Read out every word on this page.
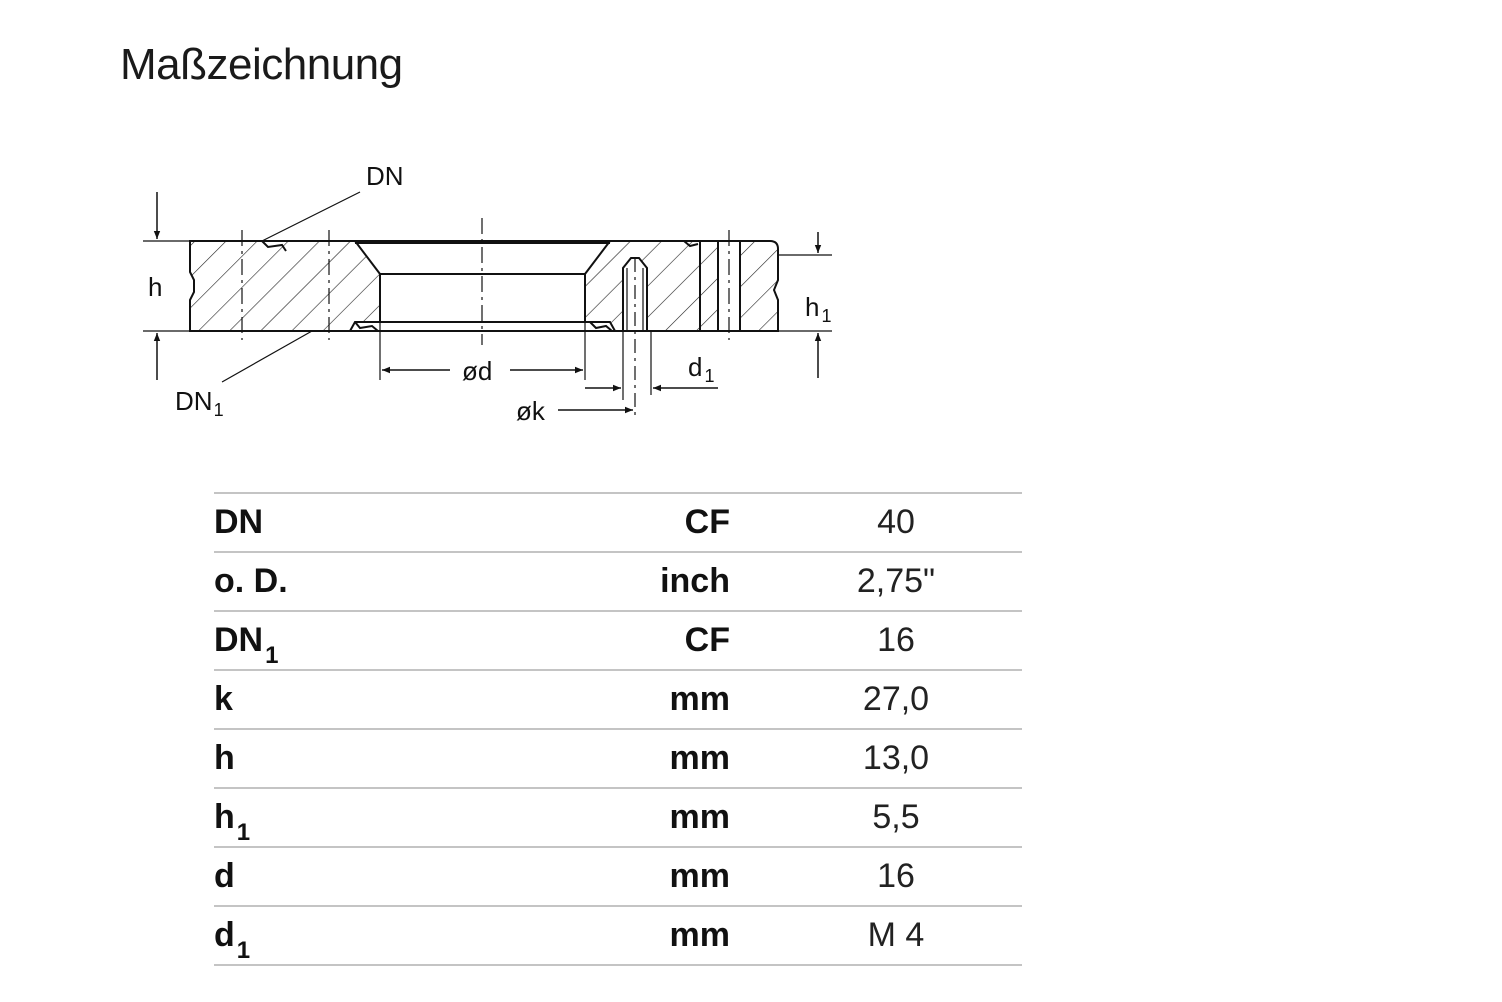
Maßzeichnung
h
h $_1$
DN
$DN_1$
ød
øk
d $_1$
DN	CF	40
o. D.	inch	2,75"
$DN_1$	CF	16
k	mm	27,0
h	mm	13,0
$h_1$	mm	5,5
d	mm	16
$d_1$	mm	M 4
